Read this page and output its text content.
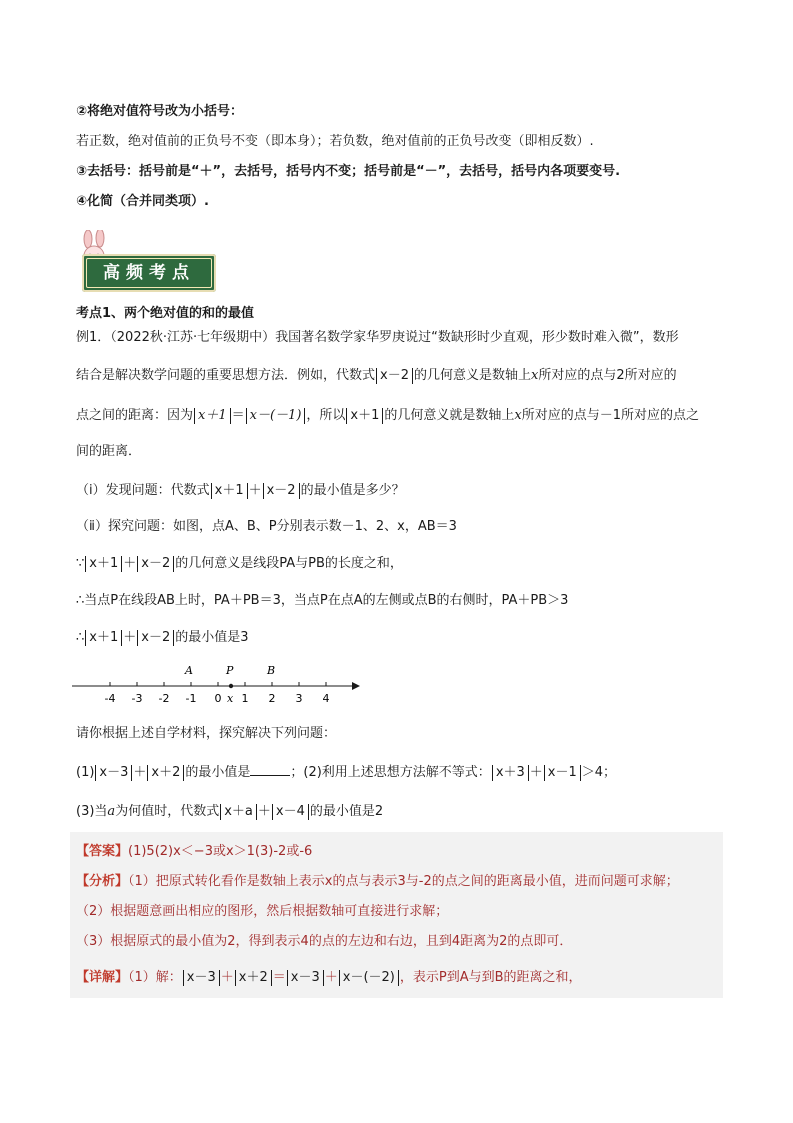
②将绝对值符号改为小括号：
若正数，绝对值前的正负号不变（即本身）；若负数，绝对值前的正负号改变（即相反数）.
③去括号：括号前是“＋”，去括号，括号内不变；括号前是“－”，去括号，括号内各项要变号.
④化简（合并同类项）.
高频考点
考点1、两个绝对值的和的最值
例1．（2022秋·江苏·七年级期中）我国著名数学家华罗庚说过“数缺形时少直观，形少数时难入微”，数形
结合是解决数学问题的重要思想方法．例如，代数式 x－2 的几何意义是数轴上x所对应的点与2所对应的
点之间的距离：因为 x＋1 ＝ x－(－1) ，所以 x＋1 的几何意义就是数轴上x所对应的点与－1所对应的点之
间的距离．
（ⅰ）发现问题：代数式 x＋1 ＋ x－2 的最小值是多少？
（ⅱ）探究问题：如图，点A、B、P分别表示数－1、2、x，AB＝3
∵ x＋1 ＋ x－2 的几何意义是线段PA与PB的长度之和，
∴当点P在线段AB上时，PA＋PB＝3，当点P在点A的左侧或点B的右侧时，PA＋PB＞3
∴ x＋1 ＋ x－2 的最小值是3
-4 -3 -2 -1 0 1 2 3 4
A	P	B
x
请你根据上述自学材料，探究解决下列问题：
(1) x－3 ＋ x＋2 的最小值是	；(2)利用上述思想方法解不等式： x＋3 ＋ x－1 ＞4；
(3)当a为何值时，代数式 x＋a ＋ x－4 的最小值是2
【答案】(1)5(2)x＜−3或x＞1(3)-2或-6
【分析】（1）把原式转化看作是数轴上表示x的点与表示3与-2的点之间的距离最小值，进而问题可求解；
（2）根据题意画出相应的图形，然后根据数轴可直接进行求解；
（3）根据原式的最小值为2，得到表示4的点的左边和右边，且到4距离为2的点即可．
【详解】（1）解： x－3 ＋ x＋2 ＝ x－3 ＋ x－(－2) ，表示P到A与到B的距离之和，
